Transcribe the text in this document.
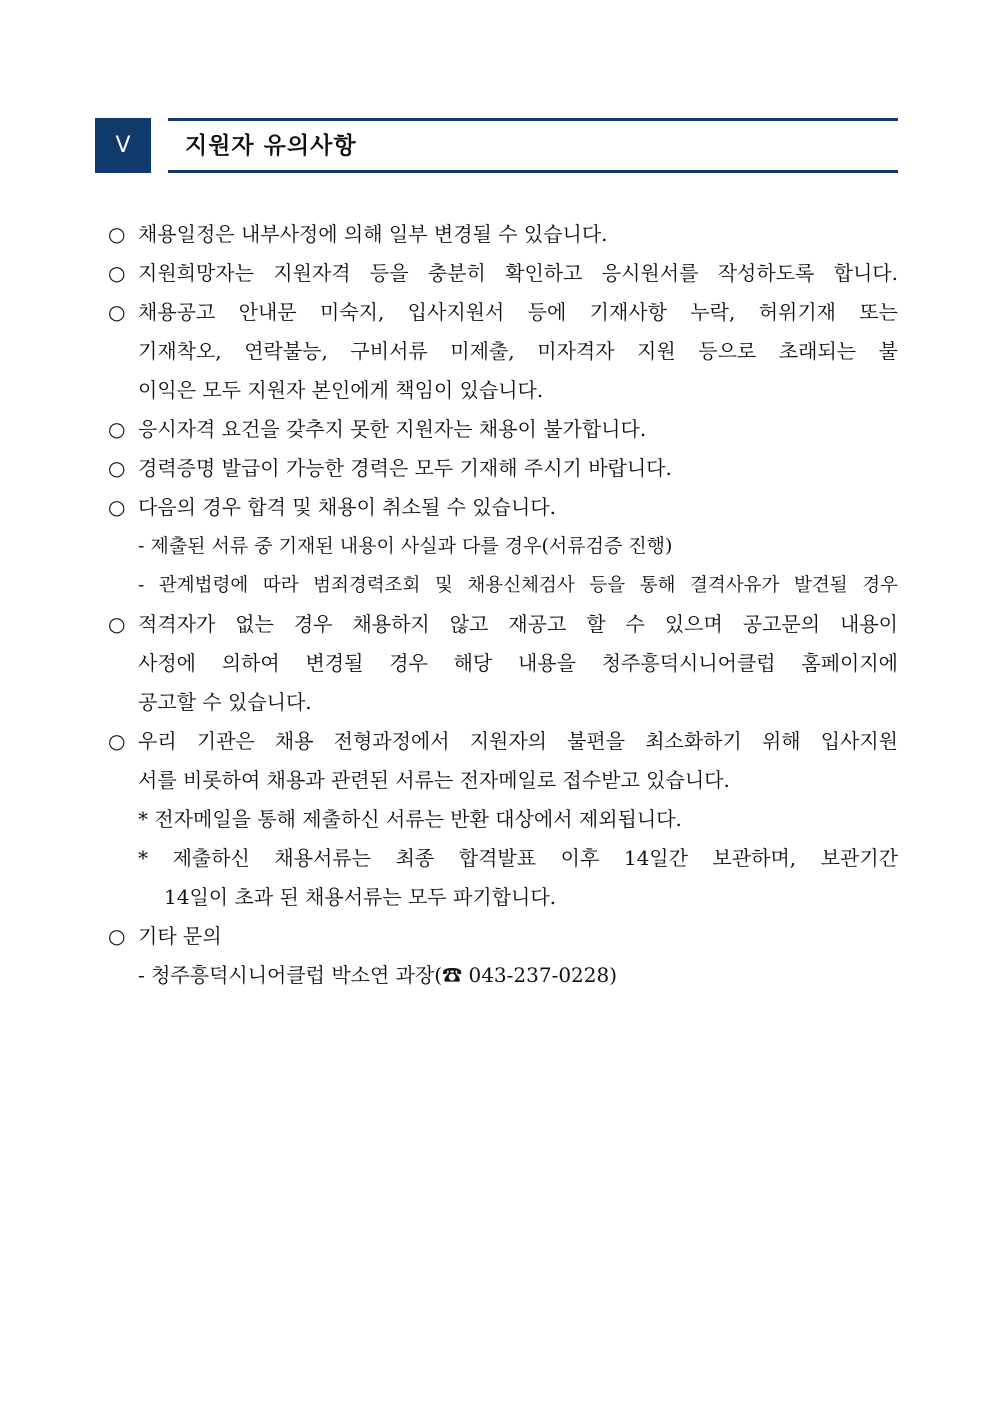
V	지원자 유의사항
○ 채용일정은 내부사정에 의해 일부 변경될 수 있습니다.
○ 지원희망자는 지원자격 등을 충분히 확인하고 응시원서를 작성하도록 합니다.
○ 채용공고 안내문 미숙지, 입사지원서 등에 기재사항 누락, 허위기재 또는
기재착오, 연락불능, 구비서류 미제출, 미자격자 지원 등으로 초래되는 불
이익은 모두 지원자 본인에게 책임이 있습니다.
○ 응시자격 요건을 갖추지 못한 지원자는 채용이 불가합니다.
○ 경력증명 발급이 가능한 경력은 모두 기재해 주시기 바랍니다.
○ 다음의 경우 합격 및 채용이 취소될 수 있습니다.
- 제출된 서류 중 기재된 내용이 사실과 다를 경우(서류검증 진행)
- 관계법령에 따라 범죄경력조회 및 채용신체검사 등을 통해 결격사유가 발견될 경우
○ 적격자가 없는 경우 채용하지 않고 재공고 할 수 있으며 공고문의 내용이
사정에 의하여 변경될 경우 해당 내용을 청주흥덕시니어클럽 홈페이지에
공고할 수 있습니다.
○ 우리 기관은 채용 전형과정에서 지원자의 불편을 최소화하기 위해 입사지원
서를 비롯하여 채용과 관련된 서류는 전자메일로 접수받고 있습니다.
* 전자메일을 통해 제출하신 서류는 반환 대상에서 제외됩니다.
* 제출하신 채용서류는 최종 합격발표 이후 14일간 보관하며, 보관기간
14일이 초과 된 채용서류는 모두 파기합니다.
○ 기타 문의
- 청주흥덕시니어클럽 박소연 과장(☎ 043-237-0228)
